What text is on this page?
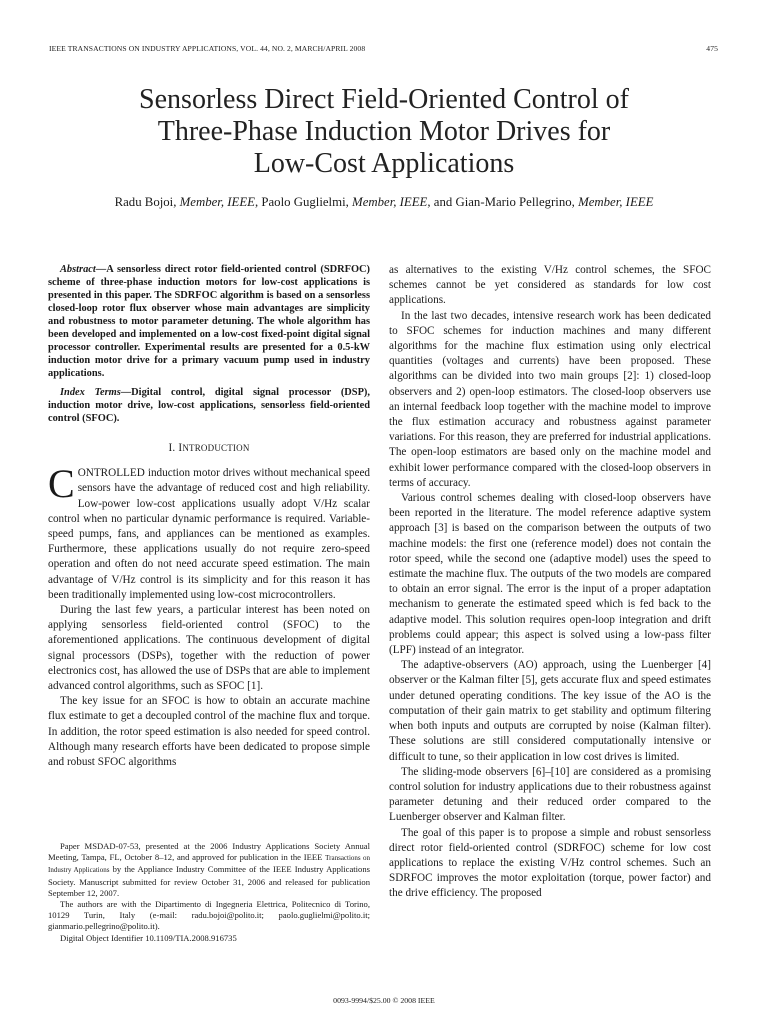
IEEE TRANSACTIONS ON INDUSTRY APPLICATIONS, VOL. 44, NO. 2, MARCH/APRIL 2008	475
Sensorless Direct Field-Oriented Control of
Three-Phase Induction Motor Drives for
Low-Cost Applications
Radu Bojoi, Member, IEEE, Paolo Guglielmi, Member, IEEE, and Gian-Mario Pellegrino, Member, IEEE

Abstract—A sensorless direct rotor field-oriented control (SDRFOC) scheme of three-phase induction motors for low-cost applications is presented in this paper. The SDRFOC algorithm is based on a sensorless closed-loop rotor flux observer whose main advantages are simplicity and robustness to motor parameter detuning. The whole algorithm has been developed and implemented on a low-cost fixed-point digital signal processor controller. Experimental results are presented for a 0.5-kW induction motor drive for a primary vacuum pump used in industry applications.

Index Terms—Digital control, digital signal processor (DSP), induction motor drive, low-cost applications, sensorless field-oriented control (SFOC).

I. INTRODUCTION

CONTROLLED induction motor drives without mechanical speed sensors have the advantage of reduced cost and high reliability. Low-power low-cost applications usually adopt V/Hz scalar control when no particular dynamic performance is required. Variable-speed pumps, fans, and appliances can be mentioned as examples. Furthermore, these applications usually do not require zero-speed operation and often do not need accurate speed estimation. The main advantage of V/Hz control is its simplicity and for this reason it has been traditionally implemented using low-cost microcontrollers.

During the last few years, a particular interest has been noted on applying sensorless field-oriented control (SFOC) to the aforementioned applications. The continuous development of digital signal processors (DSPs), together with the reduction of power electronics cost, has allowed the use of DSPs that are able to implement advanced control algorithms, such as SFOC [1].

The key issue for an SFOC is how to obtain an accurate machine flux estimate to get a decoupled control of the machine flux and torque. In addition, the rotor speed estimation is also needed for speed control. Although many research efforts have been dedicated to propose simple and robust SFOC algorithms

Paper MSDAD-07-53, presented at the 2006 Industry Applications Society Annual Meeting, Tampa, FL, October 8–12, and approved for publication in the IEEE Transactions on Industry Applications by the Appliance Industry Committee of the IEEE Industry Applications Society. Manuscript submitted for review October 31, 2006 and released for publication September 12, 2007.

The authors are with the Dipartimento di Ingegneria Elettrica, Politecnico di Torino, 10129 Turin, Italy (e-mail: radu.bojoi@polito.it; paolo.guglielmi@polito.it; gianmario.pellegrino@polito.it).

Digital Object Identifier 10.1109/TIA.2008.916735

as alternatives to the existing V/Hz control schemes, the SFOC schemes cannot be yet considered as standards for low cost applications.

In the last two decades, intensive research work has been dedicated to SFOC schemes for induction machines and many different algorithms for the machine flux estimation using only electrical quantities (voltages and currents) have been proposed. These algorithms can be divided into two main groups [2]: 1) closed-loop observers and 2) open-loop estimators. The closed-loop observers use an internal feedback loop together with the machine model to improve the flux estimation accuracy and robustness against parameter variations. For this reason, they are preferred for industrial applications. The open-loop estimators are based only on the machine model and exhibit lower performance compared with the closed-loop observers in terms of accuracy.

Various control schemes dealing with closed-loop observers have been reported in the literature. The model reference adaptive system approach [3] is based on the comparison between the outputs of two machine models: the first one (reference model) does not contain the rotor speed, while the second one (adaptive model) uses the speed to estimate the machine flux. The outputs of the two models are compared to obtain an error signal. The error is the input of a proper adaptation mechanism to generate the estimated speed which is fed back to the adaptive model. This solution requires open-loop integration and drift problems could appear; this aspect is solved using a low-pass filter (LPF) instead of an integrator.

The adaptive-observers (AO) approach, using the Luenberger [4] observer or the Kalman filter [5], gets accurate flux and speed estimates under detuned operating conditions. The key issue of the AO is the computation of their gain matrix to get stability and optimum filtering when both inputs and outputs are corrupted by noise (Kalman filter). These solutions are still considered computationally intensive or difficult to tune, so their application in low cost drives is limited.

The sliding-mode observers [6]–[10] are considered as a promising control solution for industry applications due to their robustness against parameter detuning and their reduced order compared to the Luenberger observer and Kalman filter.

The goal of this paper is to propose a simple and robust sensorless direct rotor field-oriented control (SDRFOC) scheme for low cost applications to replace the existing V/Hz control schemes. Such an SDRFOC improves the motor exploitation (torque, power factor) and the drive efficiency. The proposed

0093-9994/$25.00 © 2008 IEEE
